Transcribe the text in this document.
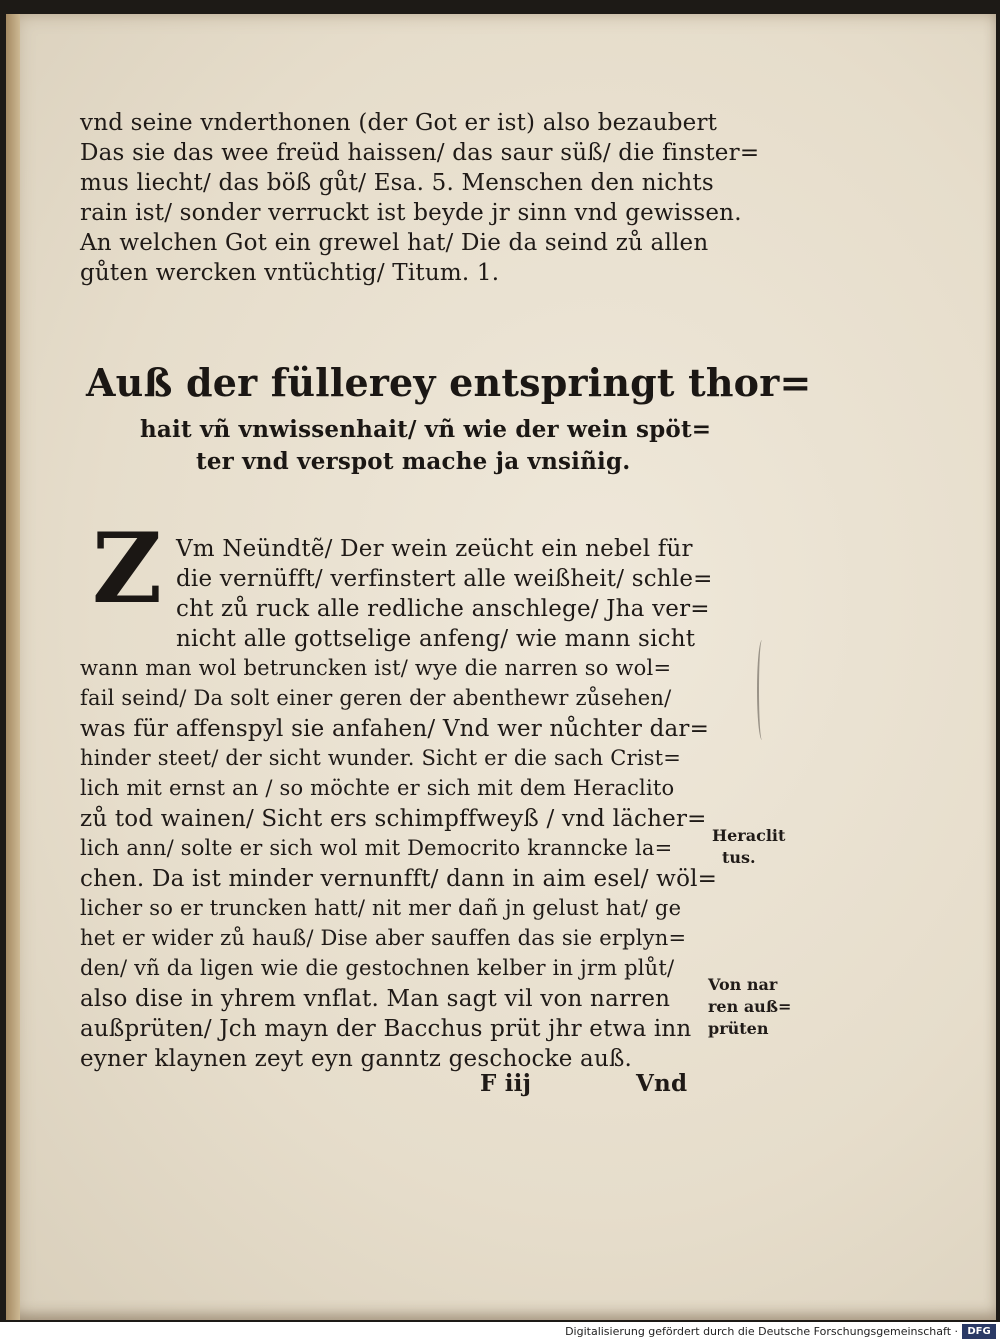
vnd seine vnderthonen (der Got er ist) also bezaubert
Das sie das wee freüd haissen/ das saur süß/ die finster=
mus liecht/ das böß gůt/ Esa. 5. Menschen den nichts
rain ist/ sonder verruckt ist beyde jr sinn vnd gewissen.
An welchen Got ein grewel hat/ Die da seind zů allen
gůten wercken vntüchtig/ Titum. 1.
Auß der füllerey entspringt thor=
hait vñ vnwissenhait/ vñ wie der wein spöt=
ter vnd verspot mache ja vnsiñig.
Z Vm Neündtẽ/ Der wein zeücht ein nebel für
die vernüfft/ verfinstert alle weißheit/ schle=
cht zů ruck alle redliche anschlege/ Jha ver=
nicht alle gottselige anfeng/ wie mann sicht
wann man wol betruncken ist/ wye die narren so wol=
fail seind/ Da solt einer geren der abenthewr zůsehen/
was für affenspyl sie anfahen/ Vnd wer nůchter dar=
hinder steet/ der sicht wunder. Sicht er die sach Crist=
lich mit ernst an / so möchte er sich mit dem Heraclito
zů tod wainen/ Sicht ers schimpffweyß / vnd lächer=
lich ann/ solte er sich wol mit Democrito kranncke la=
chen. Da ist minder vernunfft/ dann in aim esel/ wöl=
licher so er truncken hatt/ nit mer dañ jn gelust hat/ ge
het er wider zů hauß/ Dise aber sauffen das sie erplyn=
den/ vñ da ligen wie die gestochnen kelber in jrm plůt/
also dise in yhrem vnflat. Man sagt vil von narren
außprüten/ Jch mayn der Bacchus prüt jhr etwa inn
eyner klaynen zeyt eyn ganntz geschocke auß.
Heraclit
tus.
Von nar
ren auß=
prüten
F iij	Vnd
Digitalisierung gefördert durch die Deutsche Forschungsgemeinschaft · DFG
